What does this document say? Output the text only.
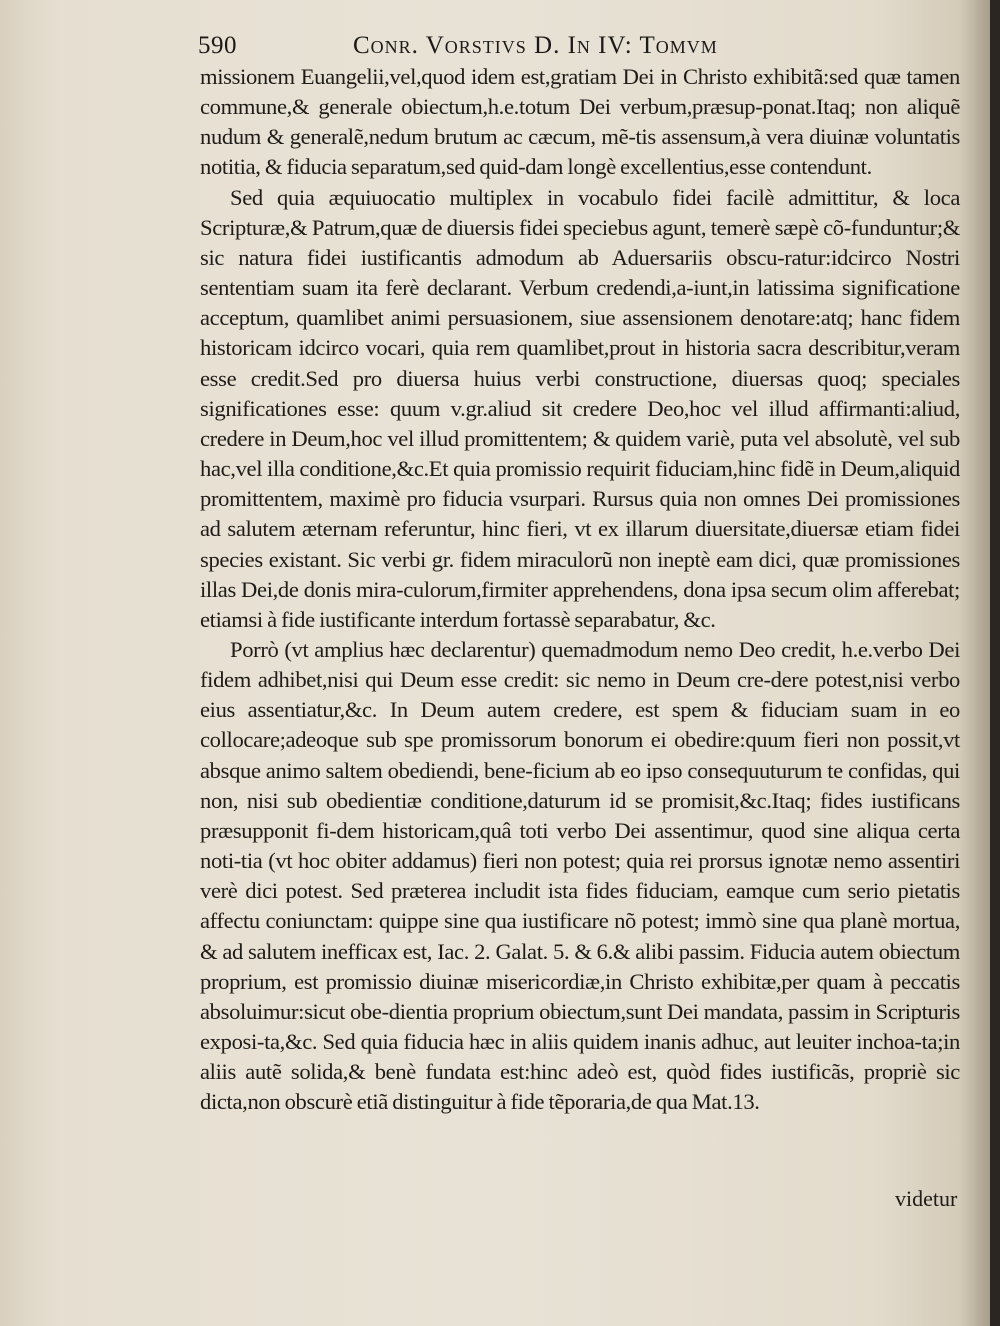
590	Conr. Vorstivs D. In IV: Tomvm

missionem Euangelii,vel,quod idem est,gratiam Dei in Christo exhibitã:sed quæ tamen commune,& generale obiectum,h.e.totum Dei verbum,præsup-ponat.Itaq; non aliquẽ nudum & generalẽ,nedum brutum ac cæcum, mẽ-tis assensum,à vera diuinæ voluntatis notitia, & fiducia separatum,sed quid-dam longè excellentius,esse contendunt.

Sed quia æquiuocatio multiplex in vocabulo fidei facilè admittitur, & loca Scripturæ,& Patrum,quæ de diuersis fidei speciebus agunt, temerè sæpè cõ-funduntur;& sic natura fidei iustificantis admodum ab Aduersariis obscu-ratur:idcirco Nostri sententiam suam ita ferè declarant. Verbum credendi,a-iunt,in latissima significatione acceptum, quamlibet animi persuasionem, siue assensionem denotare:atq; hanc fidem historicam idcirco vocari, quia rem quamlibet,prout in historia sacra describitur,veram esse credit.Sed pro diuersa huius verbi constructione, diuersas quoq; speciales significationes esse: quum v.gr.aliud sit credere Deo,hoc vel illud affirmanti:aliud, credere in Deum,hoc vel illud promittentem; & quidem variè, puta vel absolutè, vel sub hac,vel illa conditione,&c.Et quia promissio requirit fiduciam,hinc fidẽ in Deum,aliquid promittentem, maximè pro fiducia vsurpari. Rursus quia non omnes Dei promissiones ad salutem æternam referuntur, hinc fieri, vt ex illarum diuersitate,diuersæ etiam fidei species existant. Sic verbi gr. fidem miraculorũ non ineptè eam dici, quæ promissiones illas Dei,de donis mira-culorum,firmiter apprehendens, dona ipsa secum olim afferebat; etiamsi à fide iustificante interdum fortassè separabatur, &c.

Porrò (vt amplius hæc declarentur) quemadmodum nemo Deo credit, h.e.verbo Dei fidem adhibet,nisi qui Deum esse credit: sic nemo in Deum cre-dere potest,nisi verbo eius assentiatur,&c. In Deum autem credere, est spem & fiduciam suam in eo collocare;adeoque sub spe promissorum bonorum ei obedire:quum fieri non possit,vt absque animo saltem obediendi, bene-ficium ab eo ipso consequuturum te confidas, qui non, nisi sub obedientiæ conditione,daturum id se promisit,&c.Itaq; fides iustificans præsupponit fi-dem historicam,quâ toti verbo Dei assentimur, quod sine aliqua certa noti-tia (vt hoc obiter addamus) fieri non potest; quia rei prorsus ignotæ nemo assentiri verè dici potest. Sed præterea includit ista fides fiduciam, eamque cum serio pietatis affectu coniunctam: quippe sine qua iustificare nõ potest; immò sine qua planè mortua, & ad salutem inefficax est, Iac. 2. Galat. 5. & 6.& alibi passim. Fiducia autem obiectum proprium, est promissio diuinæ misericordiæ,in Christo exhibitæ,per quam à peccatis absoluimur:sicut obe-dientia proprium obiectum,sunt Dei mandata, passim in Scripturis exposi-ta,&c. Sed quia fiducia hæc in aliis quidem inanis adhuc, aut leuiter inchoa-ta;in aliis autẽ solida,& benè fundata est:hinc adeò est, quòd fides iustificãs, propriè sic dicta,non obscurè etiã distinguitur à fide tẽporaria,de qua Mat.13.

videtur
